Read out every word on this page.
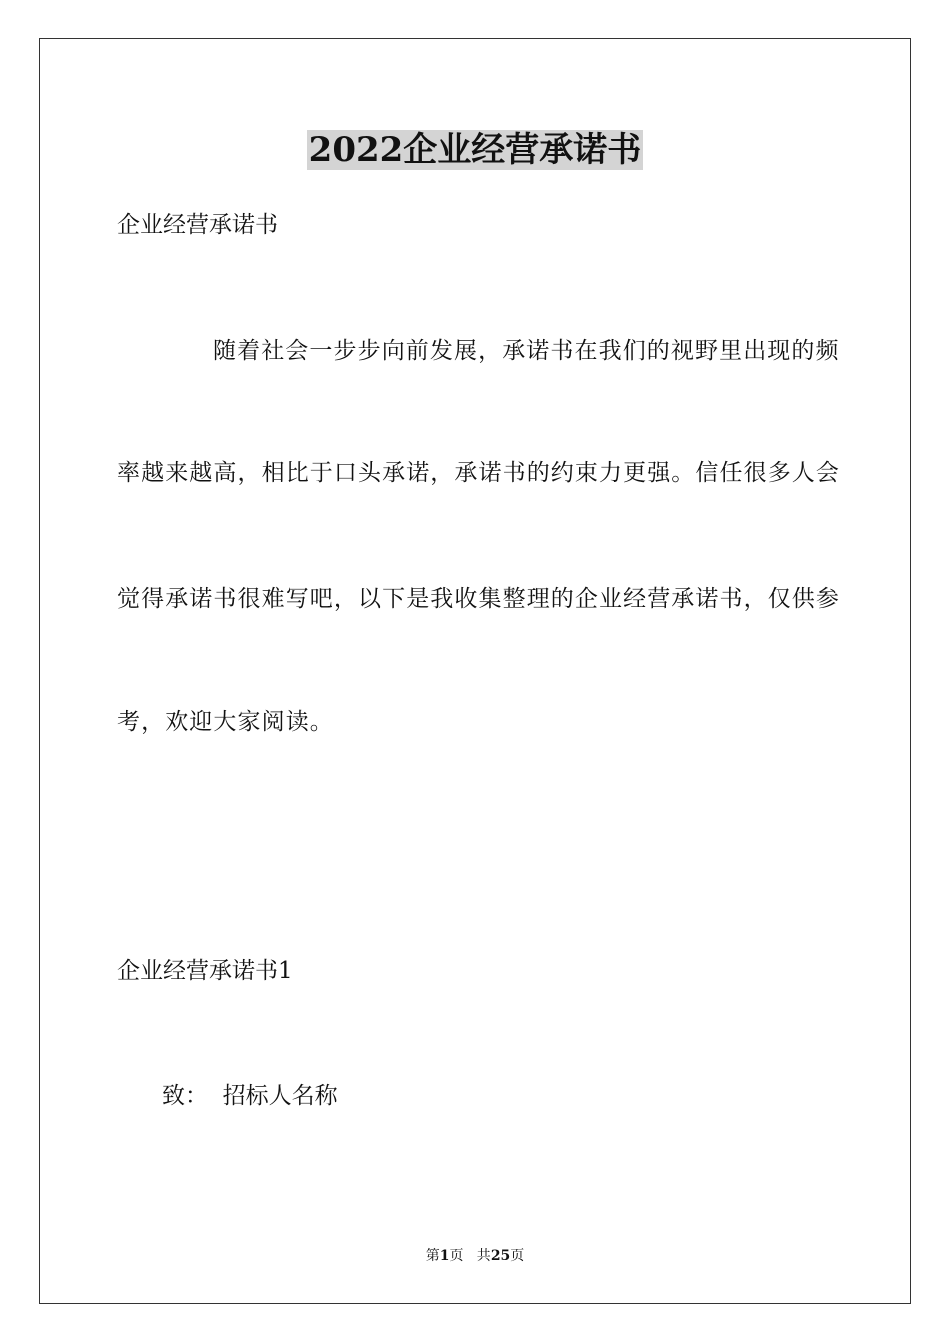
2022企业经营承诺书
企业经营承诺书
随着社会一步步向前发展，承诺书在我们的视野里出现的频
率越来越高，相比于口头承诺，承诺书的约束力更强。信任很多人会
觉得承诺书很难写吧，以下是我收集整理的企业经营承诺书，仅供参
考，欢迎大家阅读。
企业经营承诺书1
致：  招标人名称
第1页   共25页
